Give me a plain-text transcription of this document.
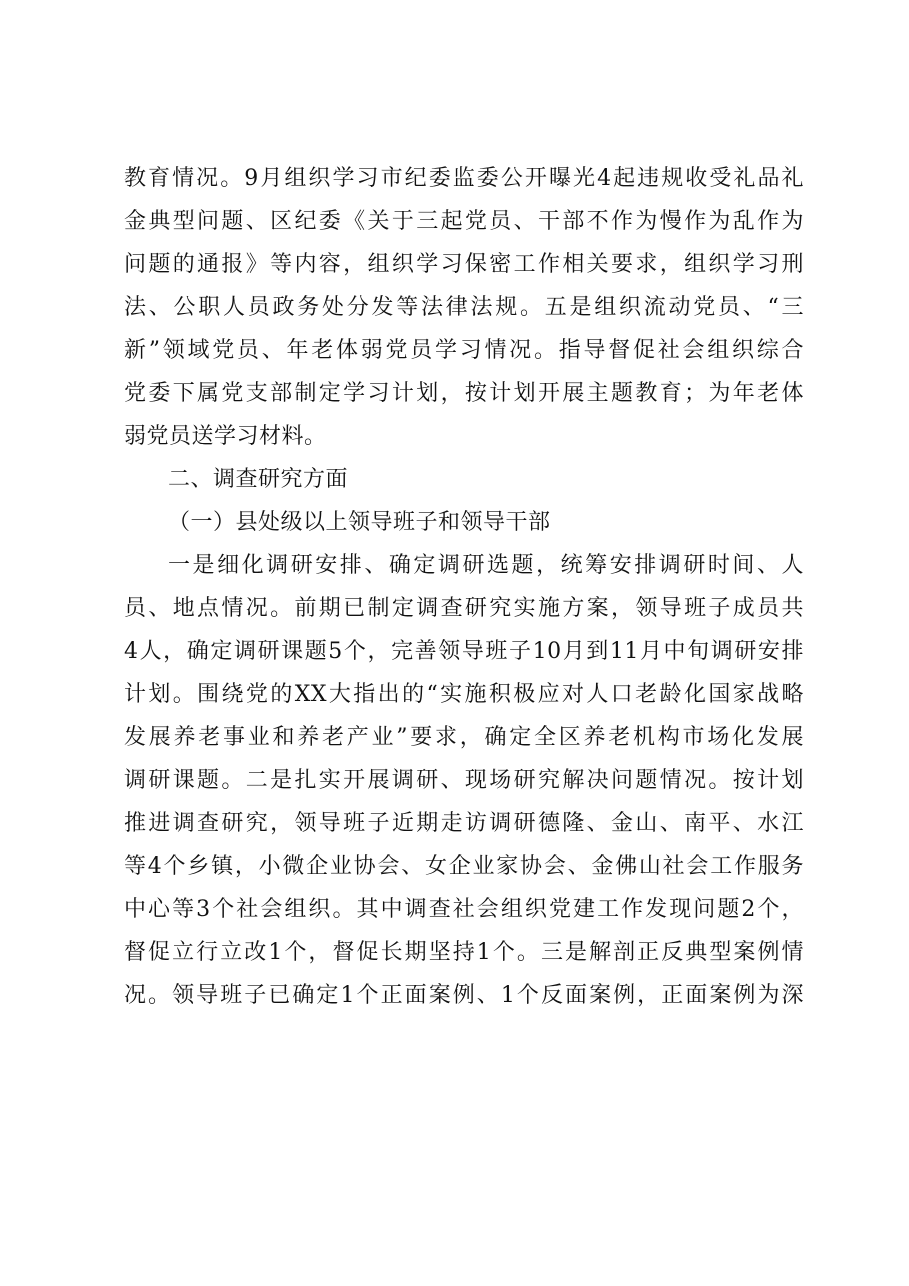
教育情况。9月组织学习市纪委监委公开曝光4起违规收受礼品礼
金典型问题、区纪委《关于三起党员、干部不作为慢作为乱作为
问题的通报》等内容，组织学习保密工作相关要求，组织学习刑
法、公职人员政务处分发等法律法规。五是组织流动党员、“三
新”领域党员、年老体弱党员学习情况。指导督促社会组织综合
党委下属党支部制定学习计划，按计划开展主题教育；为年老体
弱党员送学习材料。
二、调查研究方面
（一）县处级以上领导班子和领导干部
一是细化调研安排、确定调研选题，统筹安排调研时间、人
员、地点情况。前期已制定调查研究实施方案，领导班子成员共
4人，确定调研课题5个，完善领导班子10月到11月中旬调研安排
计划。围绕党的XX大指出的“实施积极应对人口老龄化国家战略
发展养老事业和养老产业”要求，确定全区养老机构市场化发展
调研课题。二是扎实开展调研、现场研究解决问题情况。按计划
推进调查研究，领导班子近期走访调研德隆、金山、南平、水江
等4个乡镇，小微企业协会、女企业家协会、金佛山社会工作服务
中心等3个社会组织。其中调查社会组织党建工作发现问题2个，
督促立行立改1个，督促长期坚持1个。三是解剖正反典型案例情
况。领导班子已确定1个正面案例、1个反面案例，正面案例为深
